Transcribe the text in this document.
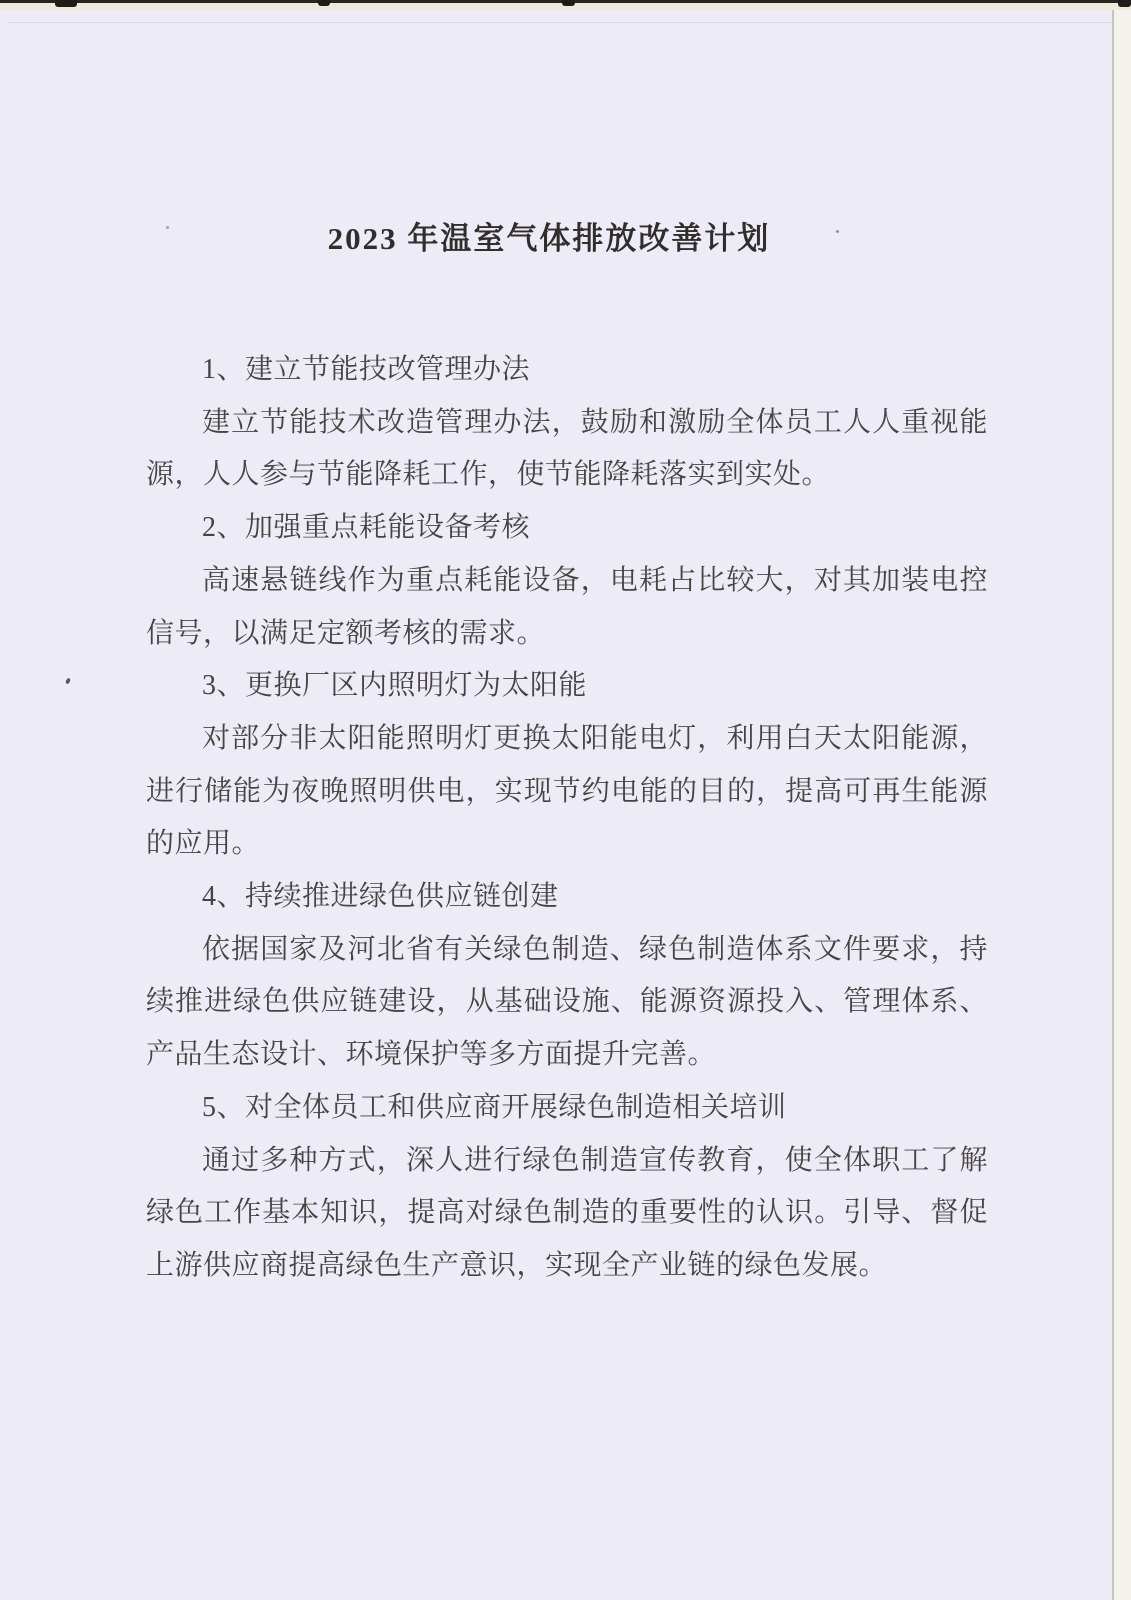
2023 年温室气体排放改善计划
1、建立节能技改管理办法

建立节能技术改造管理办法，鼓励和激励全体员工人人重视能源，人人参与节能降耗工作，使节能降耗落实到实处。

2、加强重点耗能设备考核

高速悬链线作为重点耗能设备，电耗占比较大，对其加装电控信号，以满足定额考核的需求。

3、更换厂区内照明灯为太阳能

对部分非太阳能照明灯更换太阳能电灯，利用白天太阳能源，进行储能为夜晚照明供电，实现节约电能的目的，提高可再生能源的应用。

4、持续推进绿色供应链创建

依据国家及河北省有关绿色制造、绿色制造体系文件要求，持续推进绿色供应链建设，从基础设施、能源资源投入、管理体系、产品生态设计、环境保护等多方面提升完善。

5、对全体员工和供应商开展绿色制造相关培训

通过多种方式，深人进行绿色制造宣传教育，使全体职工了解绿色工作基本知识，提高对绿色制造的重要性的认识。引导、督促上游供应商提高绿色生产意识，实现全产业链的绿色发展。
